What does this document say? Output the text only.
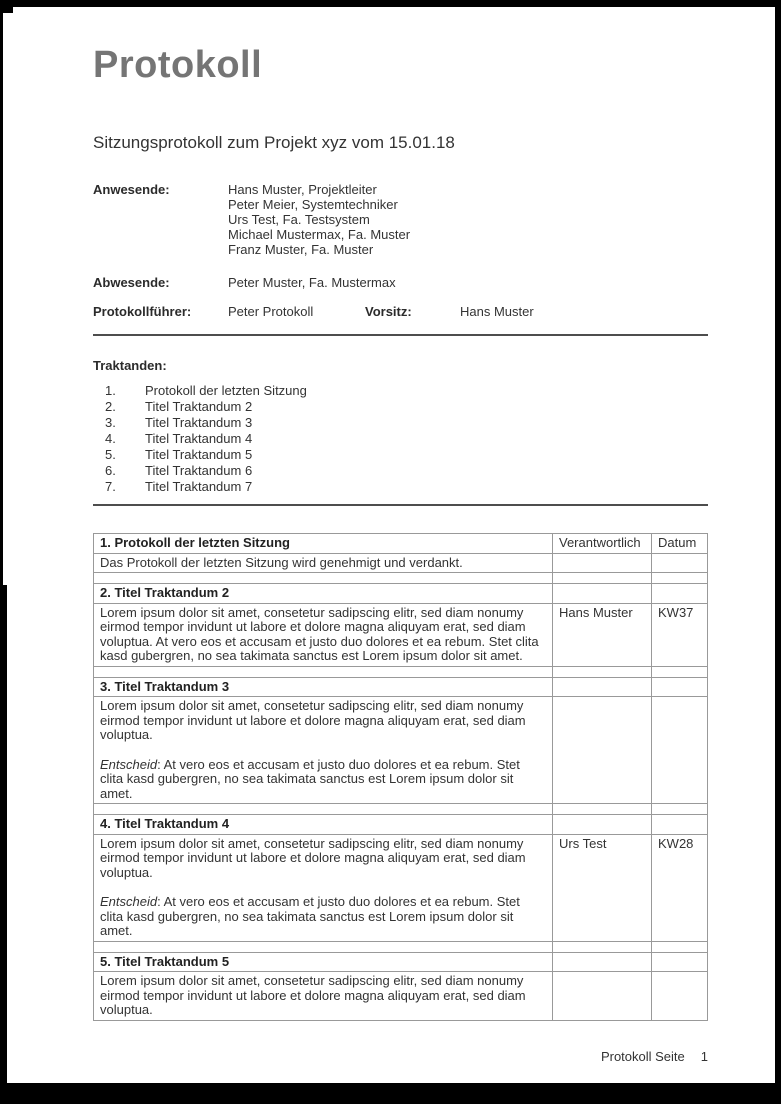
Protokoll
Sitzungsprotokoll zum Projekt xyz vom 15.01.18
Anwesende:	Hans Muster, Projektleiter
Peter Meier, Systemtechniker
Urs Test, Fa. Testsystem
Michael Mustermax, Fa. Muster
Franz Muster, Fa. Muster
Abwesende:	Peter Muster, Fa. Mustermax
Protokollführer:	Peter Protokoll	Vorsitz:	Hans Muster
Traktanden:
1. Protokoll der letzten Sitzung
2. Titel Traktandum 2
3. Titel Traktandum 3
4. Titel Traktandum 4
5. Titel Traktandum 5
6. Titel Traktandum 6
7. Titel Traktandum 7
1. Protokoll der letzten Sitzung	Verantwortlich	Datum

Das Protokoll der letzten Sitzung wird genehmigt und verdankt.		

2. Titel Traktandum 2		

Lorem ipsum dolor sit amet, consetetur sadipscing elitr, sed diam nonumy eirmod tempor invidunt ut labore et dolore magna aliquyam erat, sed diam voluptua. At vero eos et accusam et justo duo dolores et ea rebum. Stet clita kasd gubergren, no sea takimata sanctus est Lorem ipsum dolor sit amet.	Hans Muster	KW37

3. Titel Traktandum 3		

Lorem ipsum dolor sit amet, consetetur sadipscing elitr, sed diam nonumy eirmod tempor invidunt ut labore et dolore magna aliquyam erat, sed diam voluptua.

Entscheid: At vero eos et accusam et justo duo dolores et ea rebum. Stet clita kasd gubergren, no sea takimata sanctus est Lorem ipsum dolor sit amet.		

4. Titel Traktandum 4		

Lorem ipsum dolor sit amet, consetetur sadipscing elitr, sed diam nonumy eirmod tempor invidunt ut labore et dolore magna aliquyam erat, sed diam voluptua.

Entscheid: At vero eos et accusam et justo duo dolores et ea rebum. Stet clita kasd gubergren, no sea takimata sanctus est Lorem ipsum dolor sit amet.	Urs Test	KW28

5. Titel Traktandum 5		

Lorem ipsum dolor sit amet, consetetur sadipscing elitr, sed diam nonumy eirmod tempor invidunt ut labore et dolore magna aliquyam erat, sed diam voluptua.		

Protokoll Seite 1
